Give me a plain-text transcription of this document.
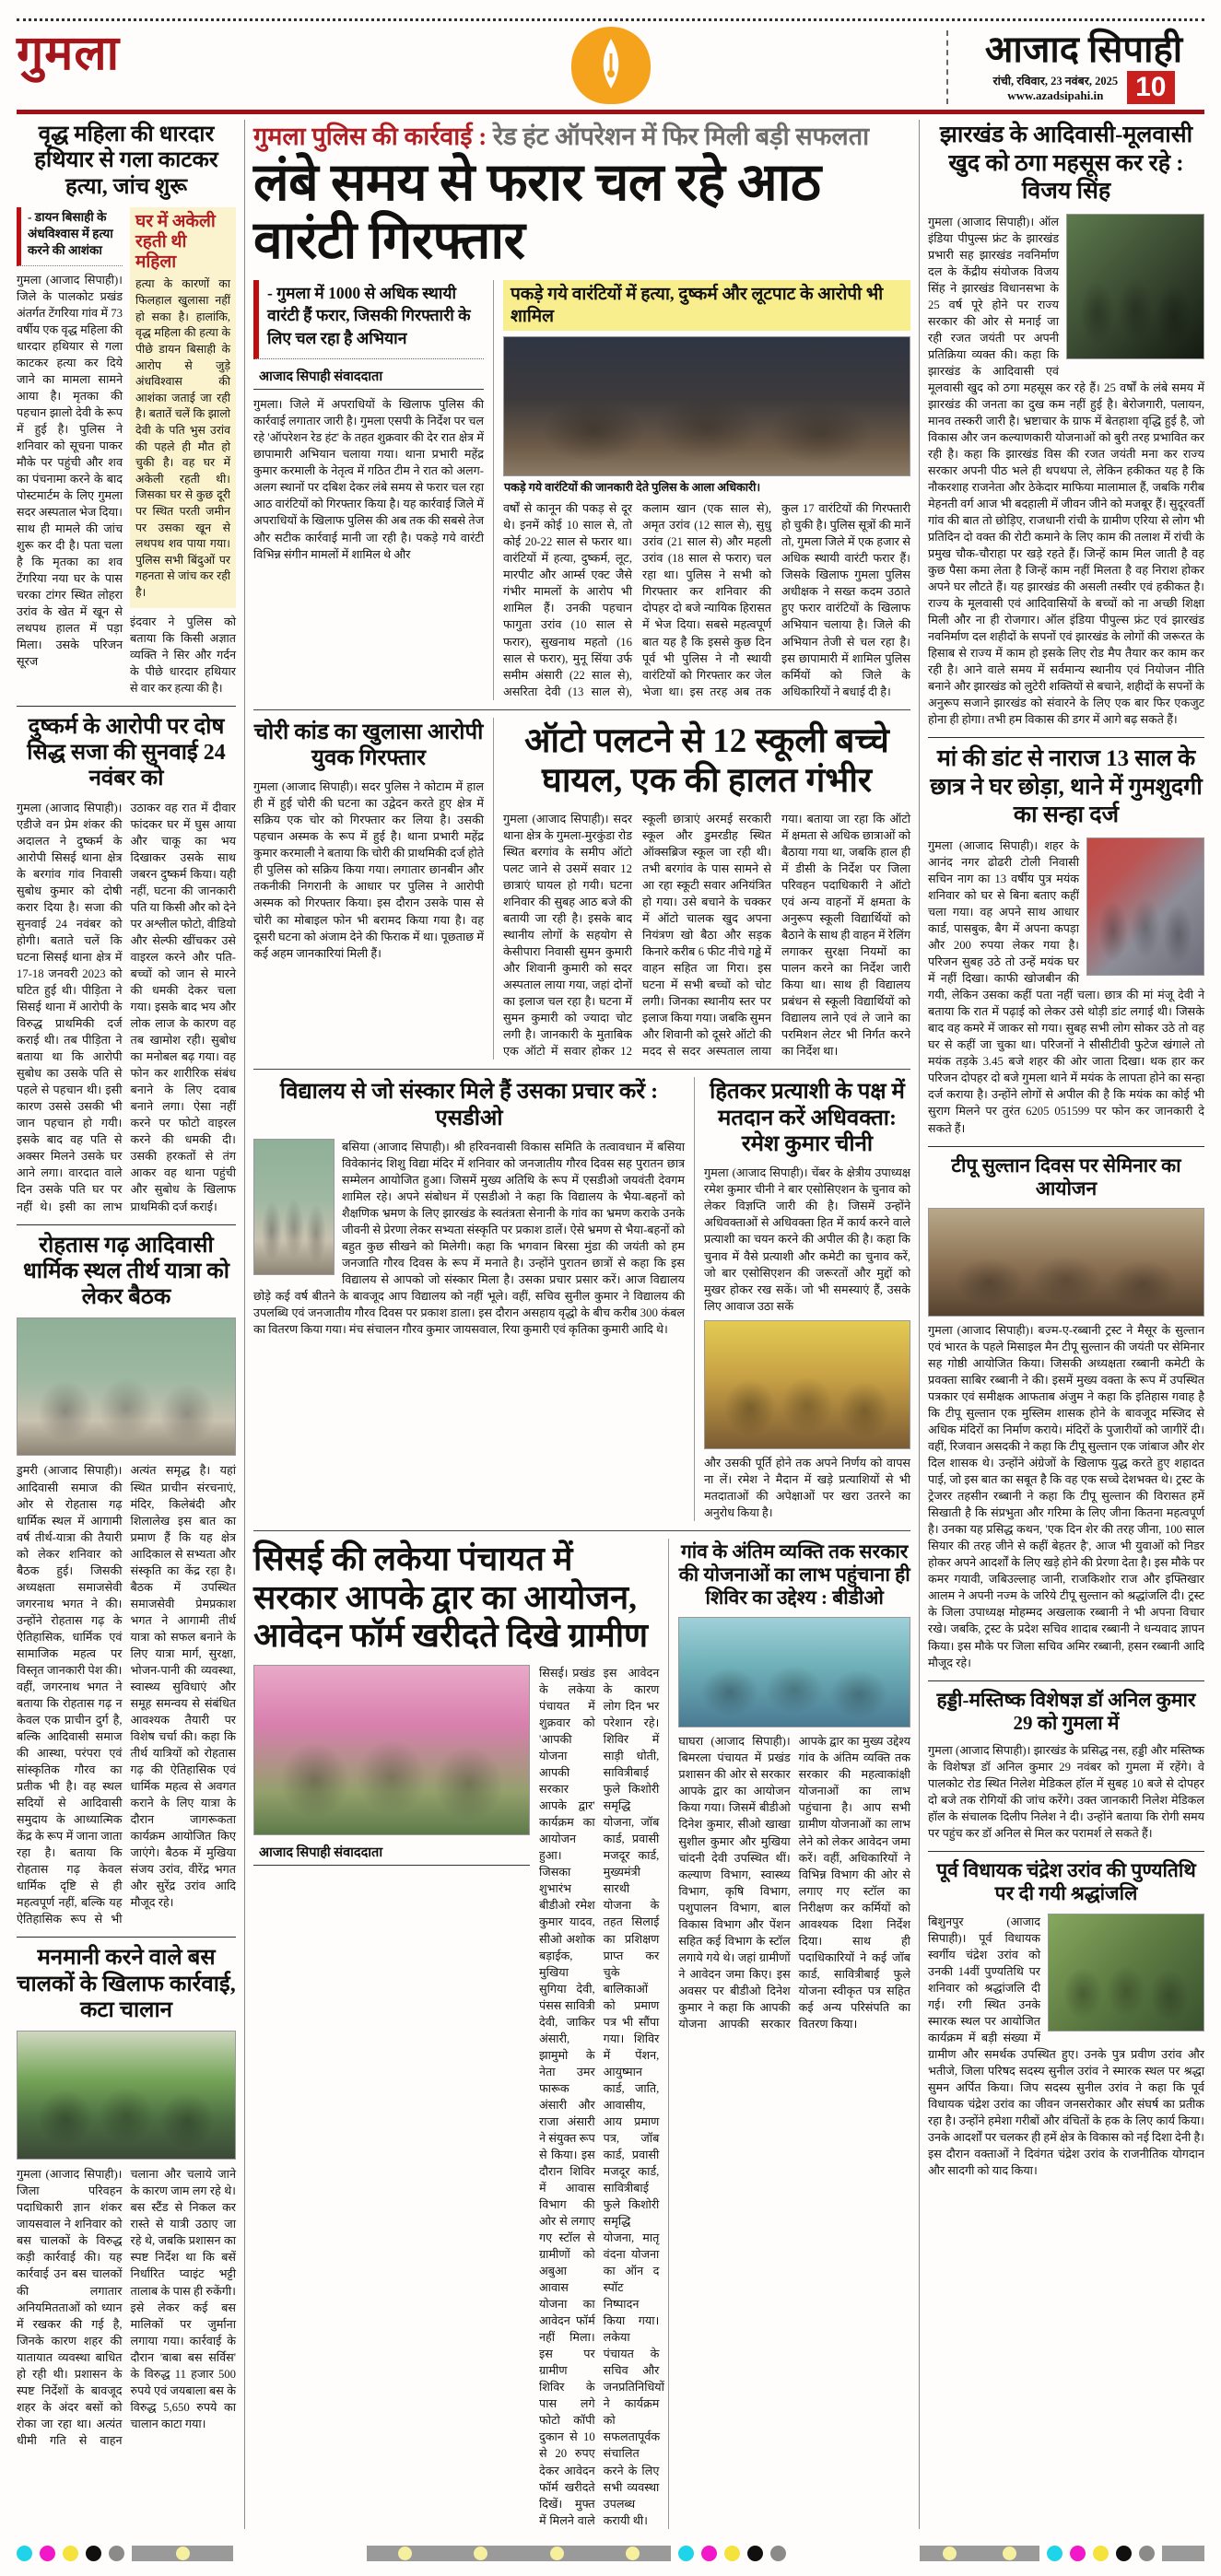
गुमला	आजाद सिपाही
रांची, रविवार, 23 नवंबर, 2025
www.azadsipahi.in	10
वृद्ध महिला की धारदार हथियार से गला काटकर हत्या, जांच शुरू
- डायन बिसाही के अंधविश्वास में हत्या करने की आशंका
गुमला (आजाद सिपाही)। जिले के पालकोट प्रखंड अंतर्गत टेंगरिया गांव में 73 वर्षीय एक वृद्ध महिला की धारदार हथियार से गला काटकर हत्या कर दिये जाने का मामला सामने आया है। मृतका की पहचान झालो देवी के रूप में हुई है। पुलिस ने शनिवार को सूचना पाकर मौके पर पहुंची और शव का पंचनामा करने के बाद पोस्टमार्टम के लिए गुमला सदर अस्पताल भेज दिया। साथ ही मामले की जांच शुरू कर दी है। पता चला है कि मृतका का शव टेंगरिया नया घर के पास चरका टांगर स्थित लोहरा उरांव के खेत में खून से लथपथ हालत में पड़ा मिला। उसके परिजन सूरज
घर में अकेली रहती थी महिला
हत्या के कारणों का फिलहाल खुलासा नहीं हो सका है। हालांकि, वृद्ध महिला की हत्या के पीछे डायन बिसाही के आरोप से जुड़े अंधविश्वास की आशंका जताई जा रही है। बतातें चलें कि झालो देवी के पति भुस उरांव की पहले ही मौत हो चुकी है। वह घर में अकेली रहती थी। जिसका घर से कुछ दूरी पर स्थित परती जमीन पर उसका खून से लथपथ शव पाया गया। पुलिस सभी बिंदुओं पर गहनता से जांच कर रही है।
इंदवार ने पुलिस को बताया कि किसी अज्ञात व्यक्ति ने सिर और गर्दन के पीछे धारदार हथियार से वार कर हत्या की है।
दुष्कर्म के आरोपी पर दोष सिद्ध सजा की सुनवाई 24 नवंबर को
गुमला (आजाद सिपाही)। एडीजे वन प्रेम शंकर की अदालत ने दुष्कर्म के आरोपी सिसई थाना क्षेत्र के बरगांव गांव निवासी सुबोध कुमार को दोषी करार दिया है। सजा की सुनवाई 24 नवंबर को होगी। बताते चलें कि घटना सिसई थाना क्षेत्र में 17-18 जनवरी 2023 को घटित हुई थी। पीड़िता ने सिसई थाना में आरोपी के विरुद्ध प्राथमिकी दर्ज कराई थी। तब पीड़िता ने बताया था कि आरोपी सुबोध का उसके पति से पहले से पहचान थी। इसी कारण उससे उसकी भी जान पहचान हो गयी। इसके बाद वह पति से अक्सर मिलने उसके घर आने लगा। वारदात वाले दिन उसके पति घर पर नहीं थे। इसी का लाभ उठाकर वह रात में दीवार फांदकर घर में घुस आया और चाकू का भय दिखाकर उसके साथ जबरन दुष्कर्म किया। यही नहीं, घटना की जानकारी पति या किसी और को देने पर अश्लील फोटो, वीडियो और सेल्फी खींचकर उसे वाइरल करने और पति-बच्चों को जान से मारने की धमकी देकर चला गया। इसके बाद भय और लोक लाज के कारण वह तब खामोश रही। सुबोध का मनोबल बढ़ गया। वह फोन कर शारीरिक संबंध बनाने के लिए दवाब बनाने लगा। ऐसा नहीं करने पर फोटो वाइरल करने की धमकी दी। उसकी हरकतों से तंग आकर वह थाना पहुंची और सुबोध के खिलाफ प्राथमिकी दर्ज कराई।
रोहतास गढ़ आदिवासी धार्मिक स्थल तीर्थ यात्रा को लेकर बैठक
डुमरी (आजाद सिपाही)। आदिवासी समाज की ओर से रोहतास गढ़ धार्मिक स्थल में आगामी वर्ष तीर्थ-यात्रा की तैयारी को लेकर शनिवार को बैठक हुई। जिसकी अध्यक्षता समाजसेवी जगरनाथ भगत ने की। उन्होंने रोहतास गढ़ के ऐतिहासिक, धार्मिक एवं सामाजिक महत्व पर विस्तृत जानकारी पेश की। वहीं, जगरनाथ भगत ने बताया कि रोहतास गढ़ न केवल एक प्राचीन दुर्ग है, बल्कि आदिवासी समाज की आस्था, परंपरा एवं सांस्कृतिक गौरव का प्रतीक भी है। वह स्थल सदियों से आदिवासी समुदाय के आध्यात्मिक केंद्र के रूप में जाना जाता रहा है। बताया कि रोहतास गढ़ केवल धार्मिक दृष्टि से ही महत्वपूर्ण नहीं, बल्कि यह ऐतिहासिक रूप से भी अत्यंत समृद्ध है। यहां स्थित प्राचीन संरचनाएं, मंदिर, किलेबंदी और शिलालेख इस बात का प्रमाण हैं कि यह क्षेत्र आदिकाल से सभ्यता और संस्कृति का केंद्र रहा है। बैठक में उपस्थित समाजसेवी प्रेमप्रकाश भगत ने आगामी तीर्थ यात्रा को सफल बनाने के लिए यात्रा मार्ग, सुरक्षा, भोजन-पानी की व्यवस्था, स्वास्थ्य सुविधाएं और समूह समन्वय से संबंधित आवश्यक तैयारी पर विशेष चर्चा की। कहा कि तीर्थ यात्रियों को रोहतास गढ़ की ऐतिहासिक एवं धार्मिक महत्व से अवगत कराने के लिए यात्रा के दौरान जागरूकता कार्यक्रम आयोजित किए जाएंगे। बैठक में मुखिया संजय उरांव, वीरेंद्र भगत और सुरेंद्र उरांव आदि मौजूद रहे।
मनमानी करने वाले बस चालकों के खिलाफ कार्रवाई, कटा चालान
गुमला (आजाद सिपाही)। जिला परिवहन पदाधिकारी ज्ञान शंकर जायसवाल ने शनिवार को बस चालकों के विरुद्ध कड़ी कार्रवाई की। यह कार्रवाई उन बस चालकों की लगातार अनियमितताओं को ध्यान में रखकर की गई है, जिनके कारण शहर की यातायात व्यवस्था बाधित हो रही थी। प्रशासन के स्पष्ट निर्देशों के बावजूद शहर के अंदर बसों को रोका जा रहा था। अत्यंत धीमी गति से वाहन चलाना और चलाये जाने के कारण जाम लग रहे थे। बस स्टैंड से निकल कर रास्ते से यात्री उठाए जा रहे थे, जबकि प्रशासन का स्पष्ट निर्देश था कि बसें निर्धारित प्वाइंट भट्टी तालाब के पास ही रुकेंगी। इसे लेकर कई बस मालिकों पर जुर्माना लगाया गया। कार्रवाई के दौरान 'बाबा बस सर्विस' के विरुद्ध 11 हजार 500 रुपये एवं जयबाला बस के विरुद्ध 5,650 रुपये का चालान काटा गया।
गुमला पुलिस की कार्रवाई : रेड हंट ऑपरेशन में फिर मिली बड़ी सफलता
लंबे समय से फरार चल रहे आठ वारंटी गिरफ्तार
- गुमला में 1000 से अधिक स्थायी वारंटी हैं फरार, जिसकी गिरफ्तारी के लिए चल रहा है अभियान
आजाद सिपाही संवाददाता
गुमला। जिले में अपराधियों के खिलाफ पुलिस की कार्रवाई लगातार जारी है। गुमला एसपी के निर्देश पर चल रहे 'ऑपरेशन रेड हंट' के तहत शुक्रवार की देर रात क्षेत्र में छापामारी अभियान चलाया गया। थाना प्रभारी महेंद्र कुमार करमाली के नेतृत्व में गठित टीम ने रात को अलग-अलग स्थानों पर दबिश देकर लंबे समय से फरार चल रहा आठ वारंटियों को गिरफ्तार किया है। यह कार्रवाई जिले में अपराधियों के खिलाफ पुलिस की अब तक की सबसे तेज और सटीक कार्रवाई मानी जा रही है। पकड़े गये वारंटी विभिन्न संगीन मामलों में शामिल थे और
पकड़े गये वारंटियों में हत्या, दुष्कर्म और लूटपाट के आरोपी भी शामिल
पकड़े गये वारंटियों की जानकारी देते पुलिस के आला अधिकारी।
वर्षों से कानून की पकड़ से दूर थे। इनमें कोई 10 साल से, तो कोई 20-22 साल से फरार था। वारंटियों में हत्या, दुष्कर्म, लूट, मारपीट और आर्म्स एक्ट जैसे गंभीर मामलों के आरोप भी शामिल हैं। उनकी पहचान फागुता उरांव (10 साल से फरार), सुखनाथ महतो (16 साल से फरार), मुनू सिंया उर्फ समीम अंसारी (22 साल से), असरिता देवी (13 साल से), कलाम खान (एक साल से), अमृत उरांव (12 साल से), सुधु उरांव (21 साल से) और महली उरांव (18 साल से फरार) चल रहा था। पुलिस ने सभी को गिरफ्तार कर शनिवार की दोपहर दो बजे न्यायिक हिरासत में भेज दिया। सबसे महत्वपूर्ण बात यह है कि इससे कुछ दिन पूर्व भी पुलिस ने नौ स्थायी वारंटियों को गिरफ्तार कर जेल भेजा था। इस तरह अब तक कुल 17 वारंटियों की गिरफ्तारी हो चुकी है। पुलिस सूत्रों की मानें तो, गुमला जिले में एक हजार से अधिक स्थायी वारंटी फरार हैं। जिसके खिलाफ गुमला पुलिस अधीक्षक ने सख्त कदम उठाते हुए फरार वारंटियों के खिलाफ अभियान चलाया है। जिले की अभियान तेजी से चल रहा है। इस छापामारी में शामिल पुलिस कर्मियों को जिले के अधिकारियों ने बधाई दी है।
चोरी कांड का खुलासा आरोपी युवक गिरफ्तार
गुमला (आजाद सिपाही)। सदर पुलिस ने कोटाम में हाल ही में हुई चोरी की घटना का उद्वेदन करते हुए क्षेत्र में सक्रिय एक चोर को गिरफ्तार कर लिया है। उसकी पहचान अस्मक के रूप में हुई है। थाना प्रभारी महेंद्र कुमार करमाली ने बताया कि चोरी की प्राथमिकी दर्ज होते ही पुलिस को सक्रिय किया गया। लगातार छानबीन और तकनीकी निगरानी के आधार पर पुलिस ने आरोपी अस्मक को गिरफ्तार किया। इस दौरान उसके पास से चोरी का मोबाइल फोन भी बरामद किया गया है। वह दूसरी घटना को अंजाम देने की फिराक में था। पूछताछ में कई अहम जानकारियां मिली हैं।
ऑटो पलटने से 12 स्कूली बच्चे घायल, एक की हालत गंभीर
गुमला (आजाद सिपाही)। सदर थाना क्षेत्र के गुमला-मुरकुंडा रोड स्थित बरगांव के समीप ऑटो पलट जाने से उसमें सवार 12 छात्राएं घायल हो गयी। घटना शनिवार की सुबह आठ बजे की बतायी जा रही है। इसके बाद स्थानीय लोगों के सहयोग से केसीपारा निवासी सुमन कुमारी और शिवानी कुमारी को सदर अस्पताल लाया गया, जहां दोनों का इलाज चल रहा है। घटना में सुमन कुमारी को ज्यादा चोट लगी है। जानकारी के मुताबिक एक ऑटो में सवार होकर 12 स्कूली छात्राएं अरमई सरकारी स्कूल और डुमरडीह स्थित ऑक्सब्रिज स्कूल जा रही थी। तभी बरगांव के पास सामने से आ रहा स्कूटी सवार अनियंत्रित हो गया। उसे बचाने के चक्कर में ऑटो चालक खुद अपना नियंत्रण खो बैठा और सड़क किनारे करीब 6 फीट नीचे गड्ढे में वाहन सहित जा गिरा। इस घटना में सभी बच्चों को चोट लगी। जिनका स्थानीय स्तर पर इलाज किया गया। जबकि सुमन और शिवानी को दूसरे ऑटो की मदद से सदर अस्पताल लाया गया। बताया जा रहा कि ऑटो में क्षमता से अधिक छात्राओं को बैठाया गया था, जबकि हाल ही में डीसी के निर्देश पर जिला परिवहन पदाधिकारी ने ऑटो एवं अन्य वाहनों में क्षमता के अनुरूप स्कूली विद्यार्थियों को बैठाने के साथ ही वाहन में रेलिंग लगाकर सुरक्षा नियमों का पालन करने का निर्देश जारी किया था। साथ ही विद्यालय प्रबंधन से स्कूली विद्यार्थियों को विद्यालय लाने एवं ले जाने का परमिशन लेटर भी निर्गत करने का निर्देश था।
विद्यालय से जो संस्कार मिले हैं उसका प्रचार करें : एसडीओ
बसिया (आजाद सिपाही)। श्री हरिवनवासी विकास समिति के तत्वावधान में बसिया विवेकानंद शिशु विद्या मंदिर में शनिवार को जनजातीय गौरव दिवस सह पुरातन छात्र सम्मेलन आयोजित हुआ। जिसमें मुख्य अतिथि के रूप में एसडीओ जयवंती देवगम शामिल रहे। अपने संबोधन में एसडीओ ने कहा कि विद्यालय के भैया-बहनों को शैक्षणिक भ्रमण के लिए झारखंड के स्वतंत्रता सेनानी के गांव का भ्रमण कराके उनके जीवनी से प्रेरणा लेकर सभ्यता संस्कृति पर प्रकाश डालें। ऐसे भ्रमण से भैया-बहनों को बहुत कुछ सीखने को मिलेगी। कहा कि भगवान बिरसा मुंडा की जयंती को हम जनजाति गौरव दिवस के रूप में मनाते है। उन्होंने पुरातन छात्रों से कहा कि इस विद्यालय से आपको जो संस्कार मिला है। उसका प्रचार प्रसार करें। आज विद्यालय छोड़े कई वर्ष बीतने के बावजूद आप विद्यालय को नहीं भूले। वहीं, सचिव सुनील कुमार ने विद्यालय की उपलब्धि एवं जनजातीय गौरव दिवस पर प्रकाश डाला। इस दौरान असहाय वृद्धो के बीच करीब 300 कंबल का वितरण किया गया। मंच संचालन गौरव कुमार जायसवाल, रिया कुमारी एवं कृतिका कुमारी आदि थे।
हितकर प्रत्याशी के पक्ष में मतदान करें अधिवक्ता: रमेश कुमार चीनी
गुमला (आजाद सिपाही)। चेंबर के क्षेत्रीय उपाध्यक्ष रमेश कुमार चीनी ने बार एसोसिएशन के चुनाव को लेकर विज्ञप्ति जारी की है। जिसमें उन्होंने अधिवक्ताओं से अधिवक्ता हित में कार्य करने वाले प्रत्याशी का चयन करने की अपील की है। कहा कि चुनाव में वैसे प्रत्याशी और कमेटी का चुनाव करें, जो बार एसोसिएशन की जरूरतों और मुद्दों को मुखर होकर रख सकें। जो भी समस्याएं हैं, उसके लिए आवाज उठा सकें
और उसकी पूर्ति होने तक अपने निर्णय को वापस ना लें। रमेश ने मैदान में खड़े प्रत्याशियों से भी मतदाताओं की अपेक्षाओं पर खरा उतरने का अनुरोध किया है।
सिसई की लकेया पंचायत में सरकार आपके द्वार का आयोजन, आवेदन फॉर्म खरीदते दिखे ग्रामीण
आजाद सिपाही संवाददाता
सिसई। प्रखंड के लकेया पंचायत में शुक्रवार को 'आपकी योजना आपकी सरकार आपके द्वार' कार्यक्रम का आयोजन हुआ। जिसका शुभारंभ बीडीओ रमेश कुमार यादव, सीओ अशोक बड़ाईक, मुखिया सुगिया देवी, पंसस सावित्री देवी, जाकिर अंसारी, झामुमो के नेता उमर फारूक अंसारी और राजा अंसारी ने संयुक्त रूप से किया। इस दौरान शिविर में आवास विभाग की ओर से लगाए गए स्टॉल से ग्रामीणों को अबुआ आवास योजना का आवेदन फॉर्म नहीं मिला। इस पर ग्रामीण शिविर के पास लगे फोटो कॉपी दुकान से 10 से 20 रुपए देकर आवेदन फॉर्म खरीदते दिखें। मुफ्त में मिलने वाले इस आवेदन के कारण लोग दिन भर परेशान रहे। शिविर में साड़ी धोती, सावित्रीबाई फुले किशोरी समृद्धि योजना, जॉब कार्ड, प्रवासी मजदूर कार्ड, मुख्यमंत्री सारथी योजना के तहत सिलाई का प्रशिक्षण प्राप्त कर चुके बालिकाओं को प्रमाण पत्र भी सौंपा गया। शिविर में पेंशन, आयुष्मान कार्ड, जाति, आवासीय, आय प्रमाण पत्र, जॉब कार्ड, प्रवासी मजदूर कार्ड, सावित्रीबाई फुले किशोरी समृद्धि योजना, मातृ वंदना योजना का ऑन द स्पॉट निष्पादन किया गया। लकेया पंचायत के सचिव और जनप्रतिनिधियों ने कार्यक्रम को सफलतापूर्वक संचालित करने के लिए सभी व्यवस्था उपलब्ध करायी थी।
गांव के अंतिम व्यक्ति तक सरकार की योजनाओं का लाभ पहुंचाना ही शिविर का उद्देश्य : बीडीओ
घाघरा (आजाद सिपाही)। बिमरला पंचायत में प्रखंड प्रशासन की ओर से सरकार आपके द्वार का आयोजन किया गया। जिसमें बीडीओ दिनेश कुमार, सीओ खाखा सुशील कुमार और मुखिया चांदनी देवी उपस्थित थीं। कल्याण विभाग, स्वास्थ्य विभाग, कृषि विभाग, पशुपालन विभाग, बाल विकास विभाग और पेंशन सहित कई विभाग के स्टॉल लगाये गये थे। जहां ग्रामीणों ने आवेदन जमा किए। इस अवसर पर बीडीओ दिनेश कुमार ने कहा कि आपकी योजना आपकी सरकार आपके द्वार का मुख्य उद्देश्य गांव के अंतिम व्यक्ति तक सरकार की महत्वाकांक्षी योजनाओं का लाभ पहुंचाना है। आप सभी ग्रामीण योजनाओं का लाभ लेने को लेकर आवेदन जमा करें। वहीं, अधिकारियों ने विभिन्न विभाग की ओर से लगाए गए स्टॉल का निरीक्षण कर कर्मियों को आवश्यक दिशा निर्देश दिया। साथ ही पदाधिकारियों ने कई जॉब कार्ड, सावित्रीबाई फुले योजना स्वीकृत पत्र सहित कई अन्य परिसंपति का वितरण किया।
झारखंड के आदिवासी-मूलवासी खुद को ठगा महसूस कर रहे : विजय सिंह
गुमला (आजाद सिपाही)। ऑल इंडिया पीपुल्स फ्रंट के झारखंड प्रभारी सह झारखंड नवनिर्माण दल के केंद्रीय संयोजक विजय सिंह ने झारखंड विधानसभा के 25 वर्ष पूरे होने पर राज्य सरकार की ओर से मनाई जा रही रजत जयंती पर अपनी प्रतिक्रिया व्यक्त की। कहा कि झारखंड के आदिवासी एवं मूलवासी खुद को ठगा महसूस कर रहे हैं। 25 वर्षों के लंबे समय में झारखंड की जनता का दुख कम नहीं हुई है। बेरोजगारी, पलायन, मानव तस्करी जारी है। भ्रष्टाचार के ग्राफ में बेतहाशा वृद्धि हुई है, जो विकास और जन कल्याणकारी योजनाओं को बुरी तरह प्रभावित कर रही है। कहा कि झारखंड विस की रजत जयंती मना कर राज्य सरकार अपनी पीठ भले ही थपथपा ले, लेकिन हकीकत यह है कि नौकरशाह राजनेता और ठेकेदार माफिया मालामाल हैं, जबकि गरीब मेहनती वर्ग आज भी बदहाली में जीवन जीने को मजबूर हैं। सुदूरवर्ती गांव की बात तो छोड़िए, राजधानी रांची के ग्रामीण एरिया से लोग भी प्रतिदिन दो वक्त की रोटी कमाने के लिए काम की तलाश में रांची के प्रमुख चौक-चौराहा पर खड़े रहते हैं। जिन्हें काम मिल जाती है वह कुछ पैसा कमा लेता है जिन्हें काम नहीं मिलता है वह निराश होकर अपने घर लौटते हैं। यह झारखंड की असली तस्वीर एवं हकीकत है। राज्य के मूलवासी एवं आदिवासियों के बच्चों को ना अच्छी शिक्षा मिली और ना ही रोजगार। ऑल इंडिया पीपुल्स फ्रंट एवं झारखंड नवनिर्माण दल शहीदों के सपनों एवं झारखंड के लोगों की जरूरत के हिसाब से राज्य में काम हो इसके लिए रोड मैप तैयार कर काम कर रही है। आने वाले समय में सर्वमान्य स्थानीय एवं नियोजन नीति बनाने और झारखंड को लुटेरी शक्तियों से बचाने, शहीदों के सपनों के अनुरूप सजाने झारखंड को संवारने के लिए एक बार फिर एकजुट होना ही होगा। तभी हम विकास की डगर में आगे बढ़ सकते हैं।
मां की डांट से नाराज 13 साल के छात्र ने घर छोड़ा, थाने में गुमशुदगी का सन्हा दर्ज
गुमला (आजाद सिपाही)। शहर के आनंद नगर ढोढरी टोली निवासी सचिन नाग का 13 वर्षीय पुत्र मयंक शनिवार को घर से बिना बताए कहीं चला गया। वह अपने साथ आधार कार्ड, पासबुक, बैग में अपना कपड़ा और 200 रुपया लेकर गया है। परिजन सुबह उठे तो उन्हें मयंक घर में नहीं दिखा। काफी खोजबीन की गयी, लेकिन उसका कहीं पता नहीं चला। छात्र की मां मंजू देवी ने बताया कि रात में पढ़ाई को लेकर उसे थोड़ी डांट लगाई थी। जिसके बाद वह कमरे में जाकर सो गया। सुबह सभी लोग सोकर उठे तो वह घर से कहीं जा चुका था। परिजनों ने सीसीटीवी फुटेज खंगाले तो मयंक तड़के 3.45 बजे शहर की ओर जाता दिखा। थक हार कर परिजन दोपहर दो बजे गुमला थाने में मयंक के लापता होने का सन्हा दर्ज कराया है। उन्होंने लोगों से अपील की है कि मयंक का कोई भी सुराग मिलने पर तुरंत 6205 051599 पर फोन कर जानकारी दे सकते हैं।
टीपू सुल्तान दिवस पर सेमिनार का आयोजन
गुमला (आजाद सिपाही)। बज्म-ए-रब्बानी ट्रस्ट ने मैसूर के सुल्तान एवं भारत के पहले मिसाइल मैन टीपू सुल्तान की जयंती पर सेमिनार सह गोष्ठी आयोजित किया। जिसकी अध्यक्षता रब्बानी कमेटी के प्रवक्ता साबिर रब्बानी ने की। इसमें मुख्य वक्ता के रूप में उपस्थित पत्रकार एवं समीक्षक आफताब अंजुम ने कहा कि इतिहास गवाह है कि टीपू सुल्तान एक मुस्लिम शासक होने के बावजूद मस्जिद से अधिक मंदिरों का निर्माण कराये। मंदिरों के पुजारीयों को जागीरें दी। वहीं, रिजवान असदकी ने कहा कि टीपू सुल्तान एक जांबाज और शेर दिल शासक थे। उन्होंने अंग्रेजों के खिलाफ युद्ध करते हुए शहादत पाई, जो इस बात का सबूत है कि वह एक सच्चे देशभक्त थे। ट्रस्ट के ट्रेजरर तहसीन रब्बानी ने कहा कि टीपू सुल्तान की विरासत हमें सिखाती है कि संप्रभुता और गरिमा के लिए जीना कितना महत्वपूर्ण है। उनका यह प्रसिद्ध कथन, 'एक दिन शेर की तरह जीना, 100 साल सियार की तरह जीने से कहीं बेहतर है', आज भी युवाओं को निडर होकर अपने आदर्शों के लिए खड़े होने की प्रेरणा देता है। इस मौके पर कमर गयावी, जबिउल्लाह जानी, राजकिशोर राज और इफ्तिखार आलम ने अपनी नज्म के जरिये टीपू सुल्तान को श्रद्धांजलि दी। ट्रस्ट के जिला उपाध्यक्ष मोहम्मद अखलाक रब्बानी ने भी अपना विचार रखे। जबकि, ट्रस्ट के प्रदेश सचिव शादाब रब्बानी ने धन्यवाद ज्ञापन किया। इस मौके पर जिला सचिव अमिर रब्बानी, हसन रब्बानी आदि मौजूद रहे।
हड्डी-मस्तिष्क विशेषज्ञ डॉ अनिल कुमार 29 को गुमला में
गुमला (आजाद सिपाही)। झारखंड के प्रसिद्ध नस, हड्डी और मस्तिष्क के विशेषज्ञ डॉ अनिल कुमार 29 नवंबर को गुमला में रहेंगे। वे पालकोट रोड स्थित निलेश मेडिकल हॉल में सुबह 10 बजे से दोपहर दो बजे तक रोगियों की जांच करेंगे। उक्त जानकारी निलेश मेडिकल हॉल के संचालक दिलीप निलेश ने दी। उन्होंने बताया कि रोगी समय पर पहुंच कर डॉ अनिल से मिल कर परामर्श ले सकते हैं।
पूर्व विधायक चंद्रेश उरांव की पुण्यतिथि पर दी गयी श्रद्धांजलि
बिशुनपुर (आजाद सिपाही)। पूर्व विधायक स्वर्गीय चंद्रेश उरांव को उनकी 14वीं पुण्यतिथि पर शनिवार को श्रद्धांजलि दी गई। रगी स्थित उनके स्मारक स्थल पर आयोजित कार्यक्रम में बड़ी संख्या में ग्रामीण और समर्थक उपस्थित हुए। उनके पुत्र प्रवीण उरांव और भतीजे, जिला परिषद सदस्य सुनील उरांव ने स्मारक स्थल पर श्रद्धा सुमन अर्पित किया। जिप सदस्य सुनील उरांव ने कहा कि पूर्व विधायक चंद्रेश उरांव का जीवन जनसरोकार और संघर्ष का प्रतीक रहा है। उन्होंने हमेशा गरीबों और वंचितों के हक के लिए कार्य किया। उनके आदर्शों पर चलकर ही हमें क्षेत्र के विकास को नई दिशा देनी है। इस दौरान वक्ताओं ने दिवंगत चंद्रेश उरांव के राजनीतिक योगदान और सादगी को याद किया।
